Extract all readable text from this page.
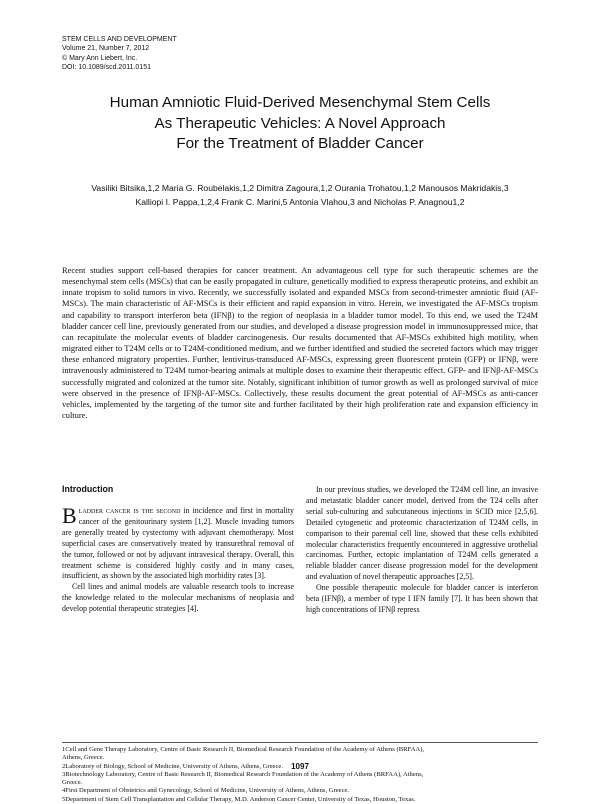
STEM CELLS AND DEVELOPMENT
Volume 21, Number 7, 2012
© Mary Ann Liebert, Inc.
DOI: 10.1089/scd.2011.0151
Human Amniotic Fluid-Derived Mesenchymal Stem Cells
As Therapeutic Vehicles: A Novel Approach
For the Treatment of Bladder Cancer
Vasiliki Bitsika,1,2 Maria G. Roubelakis,1,2 Dimitra Zagoura,1,2 Ourania Trohatou,1,2 Manousos Makridakis,3
Kalliopi I. Pappa,1,2,4 Frank C. Marini,5 Antonia Vlahou,3 and Nicholas P. Anagnou1,2
Recent studies support cell-based therapies for cancer treatment. An advantageous cell type for such therapeutic schemes are the mesenchymal stem cells (MSCs) that can be easily propagated in culture, genetically modified to express therapeutic proteins, and exhibit an innate tropism to solid tumors in vivo. Recently, we successfully isolated and expanded MSCs from second-trimester amniotic fluid (AF-MSCs). The main characteristic of AF-MSCs is their efficient and rapid expansion in vitro. Herein, we investigated the AF-MSCs tropism and capability to transport interferon beta (IFNβ) to the region of neoplasia in a bladder tumor model. To this end, we used the T24M bladder cancer cell line, previously generated from our studies, and developed a disease progression model in immunosuppressed mice, that can recapitulate the molecular events of bladder carcinogenesis. Our results documented that AF-MSCs exhibited high motility, when migrated either to T24M cells or to T24M-conditioned medium, and we further identified and studied the secreted factors which may trigger these enhanced migratory properties. Further, lentivirus-transduced AF-MSCs, expressing green fluorescent protein (GFP) or IFNβ, were intravenously administered to T24M tumor-bearing animals at multiple doses to examine their therapeutic effect. GFP- and IFNβ-AF-MSCs successfully migrated and colonized at the tumor site. Notably, significant inhibition of tumor growth as well as prolonged survival of mice were observed in the presence of IFNβ-AF-MSCs. Collectively, these results document the great potential of AF-MSCs as anti-cancer vehicles, implemented by the targeting of the tumor site and further facilitated by their high proliferation rate and expansion efficiency in culture.
Introduction

Bladder cancer is the second in incidence and first in mortality cancer of the genitourinary system [1,2]. Muscle invading tumors are generally treated by cystectomy with adjuvant chemotherapy. Most superficial cases are conservatively treated by transurethral removal of the tumor, followed or not by adjuvant intravesical therapy. Overall, this treatment scheme is considered highly costly and in many cases, insufficient, as shown by the associated high morbidity rates [3].

Cell lines and animal models are valuable research tools to increase the knowledge related to the molecular mechanisms of neoplasia and develop potential therapeutic strategies [4].

In our previous studies, we developed the T24M cell line, an invasive and metastatic bladder cancer model, derived from the T24 cells after serial sub-culturing and subcutaneous injections in SCID mice [2,5,6]. Detailed cytogenetic and proteomic characterization of T24M cells, in comparison to their parental cell line, showed that these cells exhibited molecular characteristics frequently encountered in aggressive urothelial carcinomas. Further, ectopic implantation of T24M cells generated a reliable bladder cancer disease progression model for the development and evaluation of novel therapeutic approaches [2,5].

One possible therapeutic molecule for bladder cancer is interferon beta (IFNβ), a member of type I IFN family [7]. It has been shown that high concentrations of IFNβ repress

1Cell and Gene Therapy Laboratory, Centre of Basic Research II, Biomedical Research Foundation of the Academy of Athens (BRFAA),
Athens, Greece.
2Laboratory of Biology, School of Medicine, University of Athens, Athens, Greece.
3Biotechnology Laboratory, Centre of Basic Research II, Biomedical Research Foundation of the Academy of Athens (BRFAA), Athens,
Greece.
4First Department of Obstetrics and Gynecology, School of Medicine, University of Athens, Athens, Greece.
5Department of Stem Cell Transplantation and Cellular Therapy, M.D. Anderson Cancer Center, University of Texas, Houston, Texas.
1097
